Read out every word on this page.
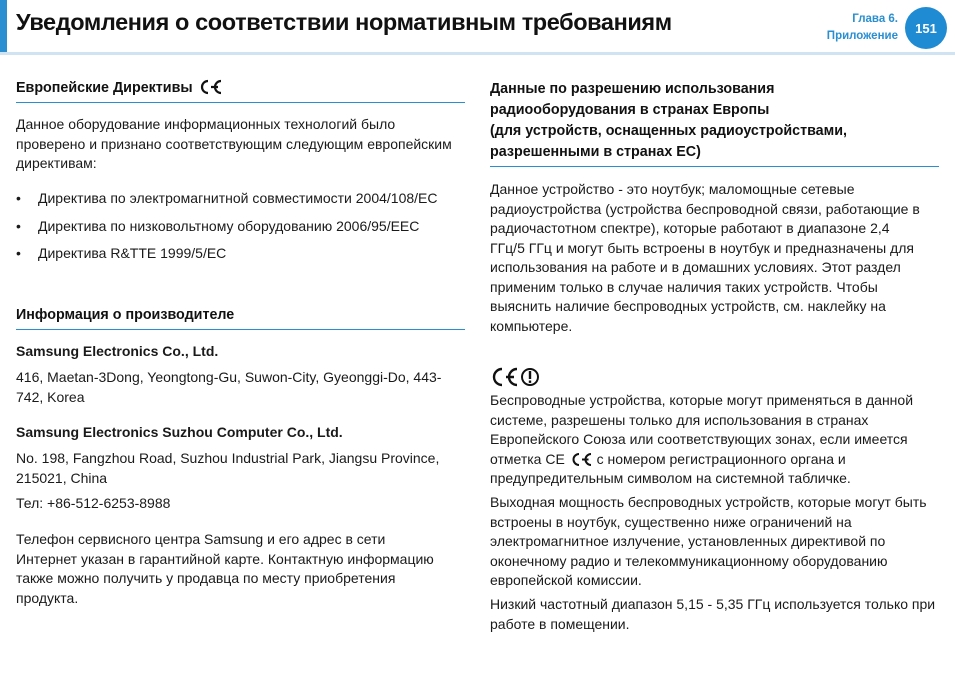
Уведомления о соответствии нормативным требованиям	Глава 6.
Приложение
151
Европейские Директивы

Данное оборудование информационных технологий было проверено и признано соответствующим следующим европейским директивам:

• Директива по электромагнитной совместимости 2004/108/ЕС
• Директива по низковольтному оборудованию 2006/95/EEC
• Директива R&TTE 1999/5/EC
Информация о производителе

Samsung Electronics Co., Ltd.

416, Maetan-3Dong, Yeongtong-Gu, Suwon-City, Gyeonggi-Do, 443-742, Korea

Samsung Electronics Suzhou Computer Co., Ltd.

No. 198, Fangzhou Road, Suzhou Industrial Park, Jiangsu Province, 215021, China

Тел: +86-512-6253-8988

Телефон сервисного центра Samsung и его адрес в сети Интернет указан в гарантийной карте. Контактную информацию также можно получить у продавца по месту приобретения продукта.

Данные по разрешению использования
радиооборудования в странах Европы
(для устройств, оснащенных радиоустройствами,
разрешенными в странах ЕС)

Данное устройство - это ноутбук; маломощные сетевые радиоустройства (устройства беспроводной связи, работающие в радиочастотном спектре), которые работают в диапазоне 2,4 ГГц/5 ГГц и могут быть встроены в ноутбук и предназначены для использования на работе и в домашних условиях. Этот раздел применим только в случае наличия таких устройств. Чтобы выяснить наличие беспроводных устройств, см. наклейку на компьютере.

Беспроводные устройства, которые могут применяться в данной системе, разрешены только для использования в странах Европейского Союза или соответствующих зонах, если имеется отметка CE с номером регистрационного органа и предупредительным символом на системной табличке.

Выходная мощность беспроводных устройств, которые могут быть встроены в ноутбук, существенно ниже ограничений на электромагнитное излучение, установленных директивой по оконечному радио и телекоммуникационному оборудованию европейской комиссии.

Низкий частотный диапазон 5,15 - 5,35 ГГц используется только при работе в помещении.
